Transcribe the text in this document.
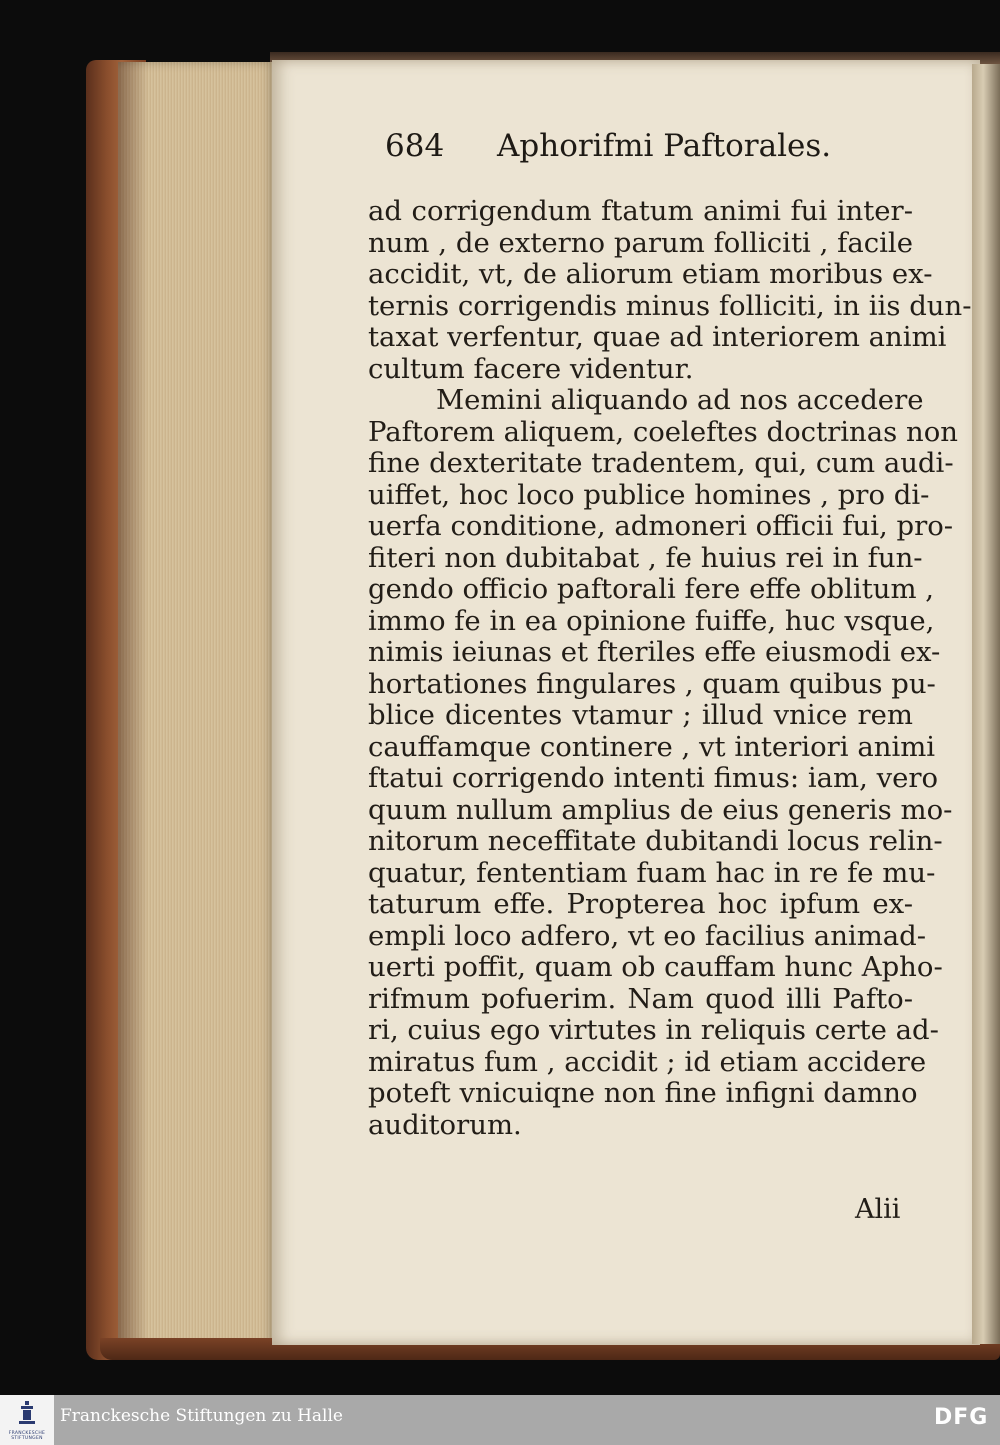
684 Aphorifmi Paftorales.
ad corrigendum ftatum animi fui inter-
num , de externo parum folliciti , facile
accidit, vt, de aliorum etiam moribus ex-
ternis corrigendis minus folliciti, in iis dun-
taxat verfentur, quae ad interiorem animi
cultum facere videntur.
Memini aliquando ad nos accedere
Paftorem aliquem, coeleftes doctrinas non
fine dexteritate tradentem, qui, cum audi-
uiffet, hoc loco publice homines , pro di-
uerfa conditione, admoneri officii fui, pro-
fiteri non dubitabat , fe huius rei in fun-
gendo officio paftorali fere effe oblitum ,
immo fe in ea opinione fuiffe, huc vsque,
nimis ieiunas et fteriles effe eiusmodi ex-
hortationes fingulares , quam quibus pu-
blice dicentes vtamur ; illud vnice rem
cauffamque continere , vt interiori animi
ftatui corrigendo intenti fimus: iam, vero
quum nullum amplius de eius generis mo-
nitorum neceffitate dubitandi locus relin-
quatur, fententiam fuam hac in re fe mu-
taturum effe. Propterea hoc ipfum ex-
empli loco adfero, vt eo facilius animad-
uerti poffit, quam ob cauffam hunc Apho-
rifmum pofuerim. Nam quod illi Pafto-
ri, cuius ego virtutes in reliquis certe ad-
miratus fum , accidit ; id etiam accidere
poteft vnicuiqne non fine infigni damno
auditorum.
Alii
FRANCKESCHE STIFTUNGEN
Franckesche Stiftungen zu Halle	DFG
